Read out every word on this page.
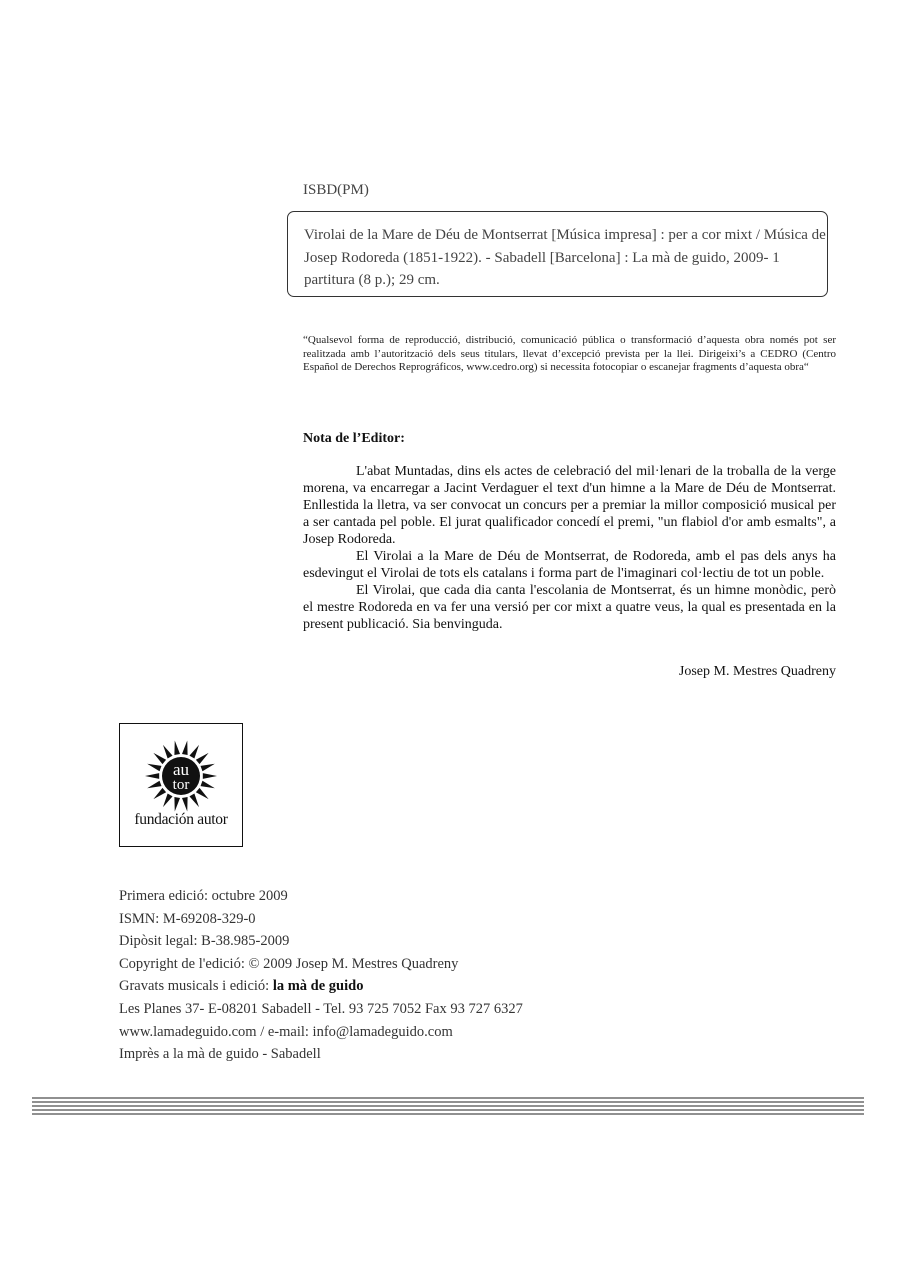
ISBD(PM)
Virolai de la Mare de Déu de Montserrat [Música impresa] : per a cor mixt / Música de Josep Rodoreda (1851-1922). - Sabadell [Barcelona] : La mà de guido, 2009- 1 partitura (8 p.); 29 cm.
“Qualsevol forma de reproducció, distribució, comunicació pública o transformació d’aquesta obra només pot ser realitzada amb l’autorització dels seus titulars, llevat d’excepció prevista per la llei. Dirigeixi’s a CEDRO (Centro Español de Derechos Reprográficos, www.cedro.org) si necessita fotocopiar o escanejar fragments d’aquesta obra“
Nota de l’Editor:

L'abat Muntadas, dins els actes de celebració del mil·lenari de la troballa de la verge morena, va encarregar a Jacint Verdaguer el text d'un himne a la Mare de Déu de Montserrat. Enllestida la lletra, va ser convocat un concurs per a premiar la millor composició musical per a ser cantada pel poble. El jurat qualificador concedí el premi, "un flabiol d'or amb esmalts", a Josep Rodoreda.

El Virolai a la Mare de Déu de Montserrat, de Rodoreda, amb el pas dels anys ha esdevingut el Virolai de tots els catalans i forma part de l'imaginari col·lectiu de tot un poble.

El Virolai, que cada dia canta l'escolania de Montserrat, és un himne monòdic, però el mestre Rodoreda en va fer una versió per cor mixt a quatre veus, la qual es presentada en la present publicació. Sia benvinguda.

Josep M. Mestres Quadreny
au
tor
fundación autor
Primera edició: octubre 2009
ISMN: M-69208-329-0
Dipòsit legal: B-38.985-2009
Copyright de l'edició: © 2009 Josep M. Mestres Quadreny
Gravats musicals i edició: la mà de guido
Les Planes 37- E-08201 Sabadell - Tel. 93 725 7052 Fax 93 727 6327
www.lamadeguido.com / e-mail: info@lamadeguido.com
Imprès a la mà de guido - Sabadell
